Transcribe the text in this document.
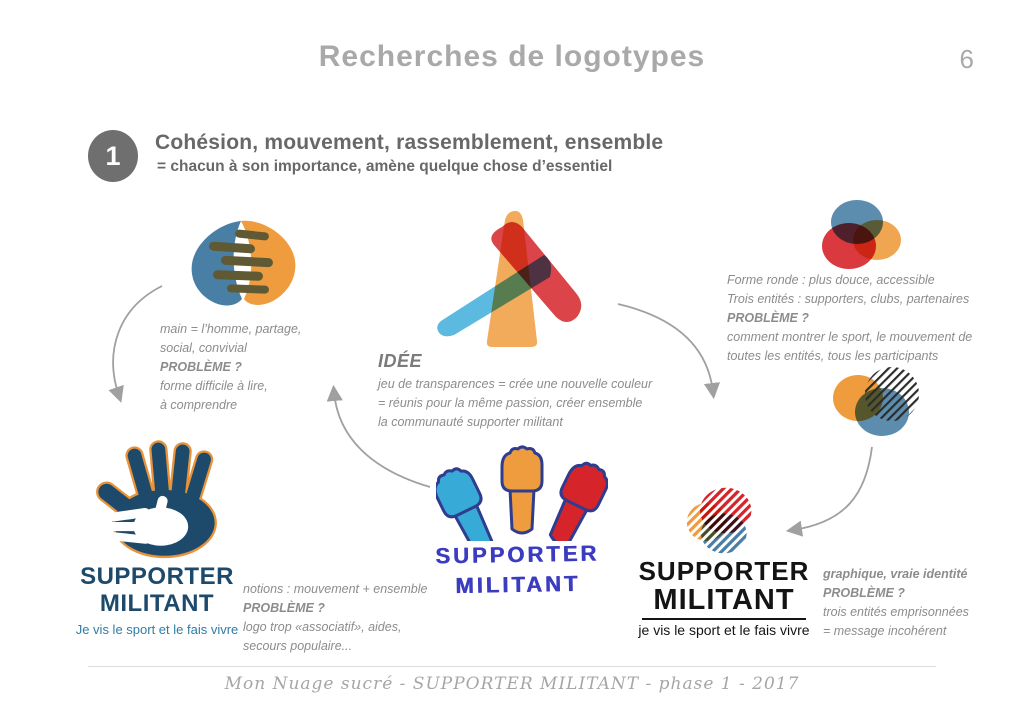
Recherches de logotypes	6
1 Cohésion, mouvement, rassemblement, ensemble
= chacun à son importance, amène quelque chose d’essentiel
main = l’homme, partage,
social, convivial
PROBLÈME ?
forme difficile à lire,
à comprendre
IDÉE
jeu de transparences = crée une nouvelle couleur
= réunis pour la même passion, créer ensemble
la communauté supporter militant
Forme ronde : plus douce, accessible
Trois entités : supporters, clubs, partenaires
PROBLÈME ?
comment montrer le sport, le mouvement de
toutes les entités, tous les participants
SUPPORTER
MILITANT
Je vis le sport et le fais vivre
notions : mouvement + ensemble
PROBLÈME ?
logo trop «associatif», aides,
secours populaire...
SUPPORTER
MILITANT	SUPPORTER
MILITANT
je vis le sport et le fais vivre
graphique, vraie identité
PROBLÈME ?
trois entités emprisonnées
= message incohérent
Mon Nuage sucré - SUPPORTER MILITANT - phase 1 - 2017
